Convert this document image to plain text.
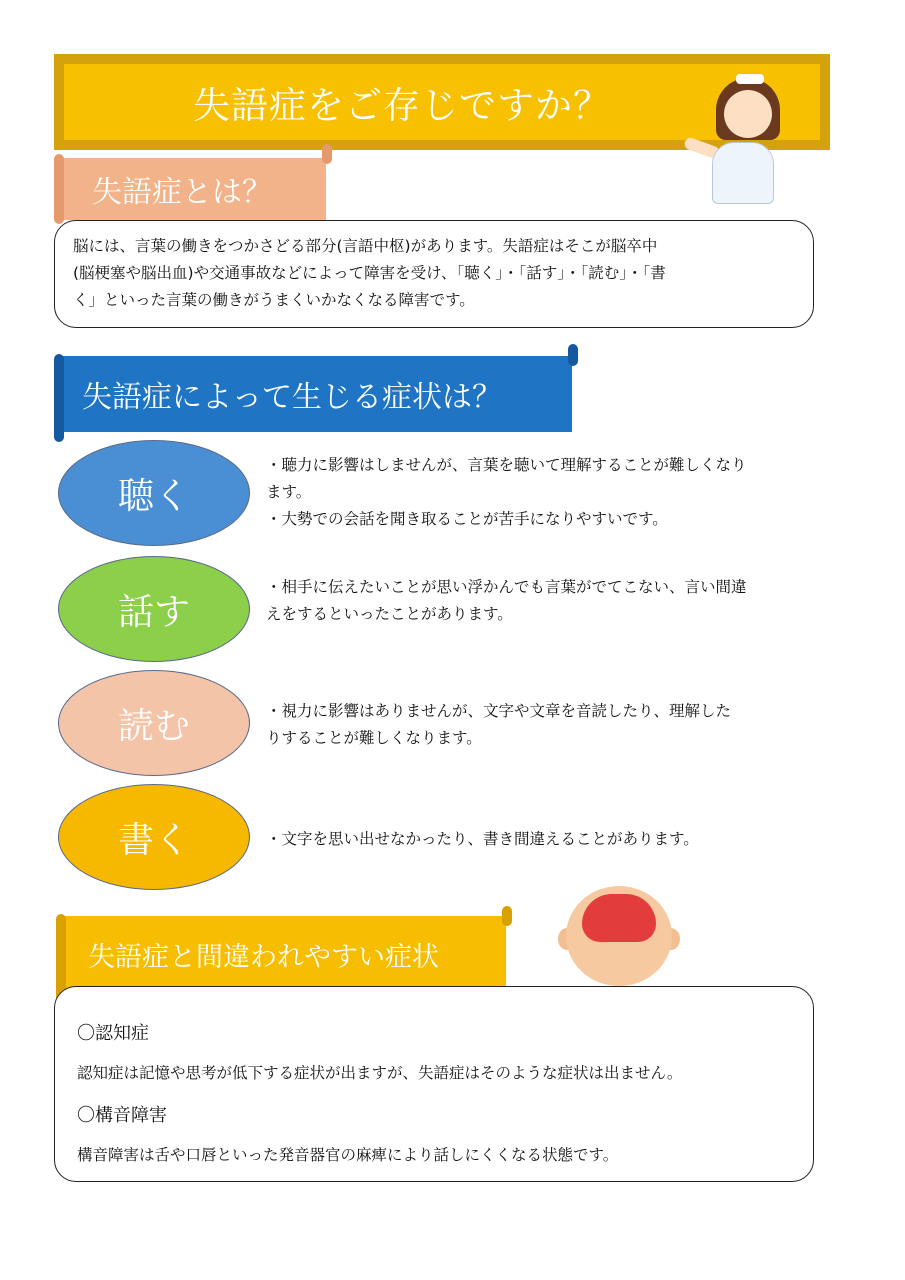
失語症をご存じですか？
失語症とは？
脳には、言葉の働きをつかさどる部分(言語中枢)があります。失語症はそこが脳卒中
(脳梗塞や脳出血)や交通事故などによって障害を受け、「聴く」・「話す」・「読む」・「書
く」といった言葉の働きがうまくいかなくなる障害です。
失語症によって生じる症状は？
聴く
・聴力に影響はしませんが、言葉を聴いて理解することが難しくなり
ます。
・大勢での会話を聞き取ることが苦手になりやすいです。
話す
・相手に伝えたいことが思い浮かんでも言葉がでてこない、言い間違
えをするといったことがあります。
読む	・視力に影響はありませんが、文字や文章を音読したり、理解した
りすることが難しくなります。
書く	・文字を思い出せなかったり、書き間違えることがあります。
失語症と間違われやすい症状
〇認知症
認知症は記憶や思考が低下する症状が出ますが、失語症はそのような症状は出ません。
〇構音障害
構音障害は舌や口唇といった発音器官の麻痺により話しにくくなる状態です。
